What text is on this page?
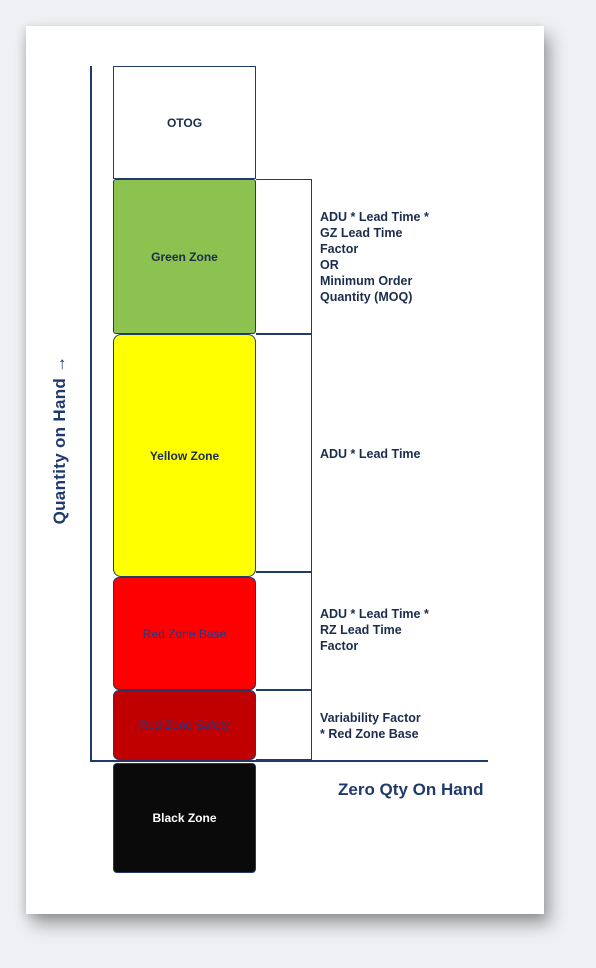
Quantity on Hand →
Zero Qty On Hand
OTOG
Green Zone
Yellow Zone
Red Zone Base
Red Zone Safety
Black Zone
ADU * Lead Time *
GZ Lead Time
Factor
OR
Minimum Order
Quantity (MOQ)
ADU * Lead Time
ADU * Lead Time *
RZ Lead Time
Factor
Variability Factor
* Red Zone Base
